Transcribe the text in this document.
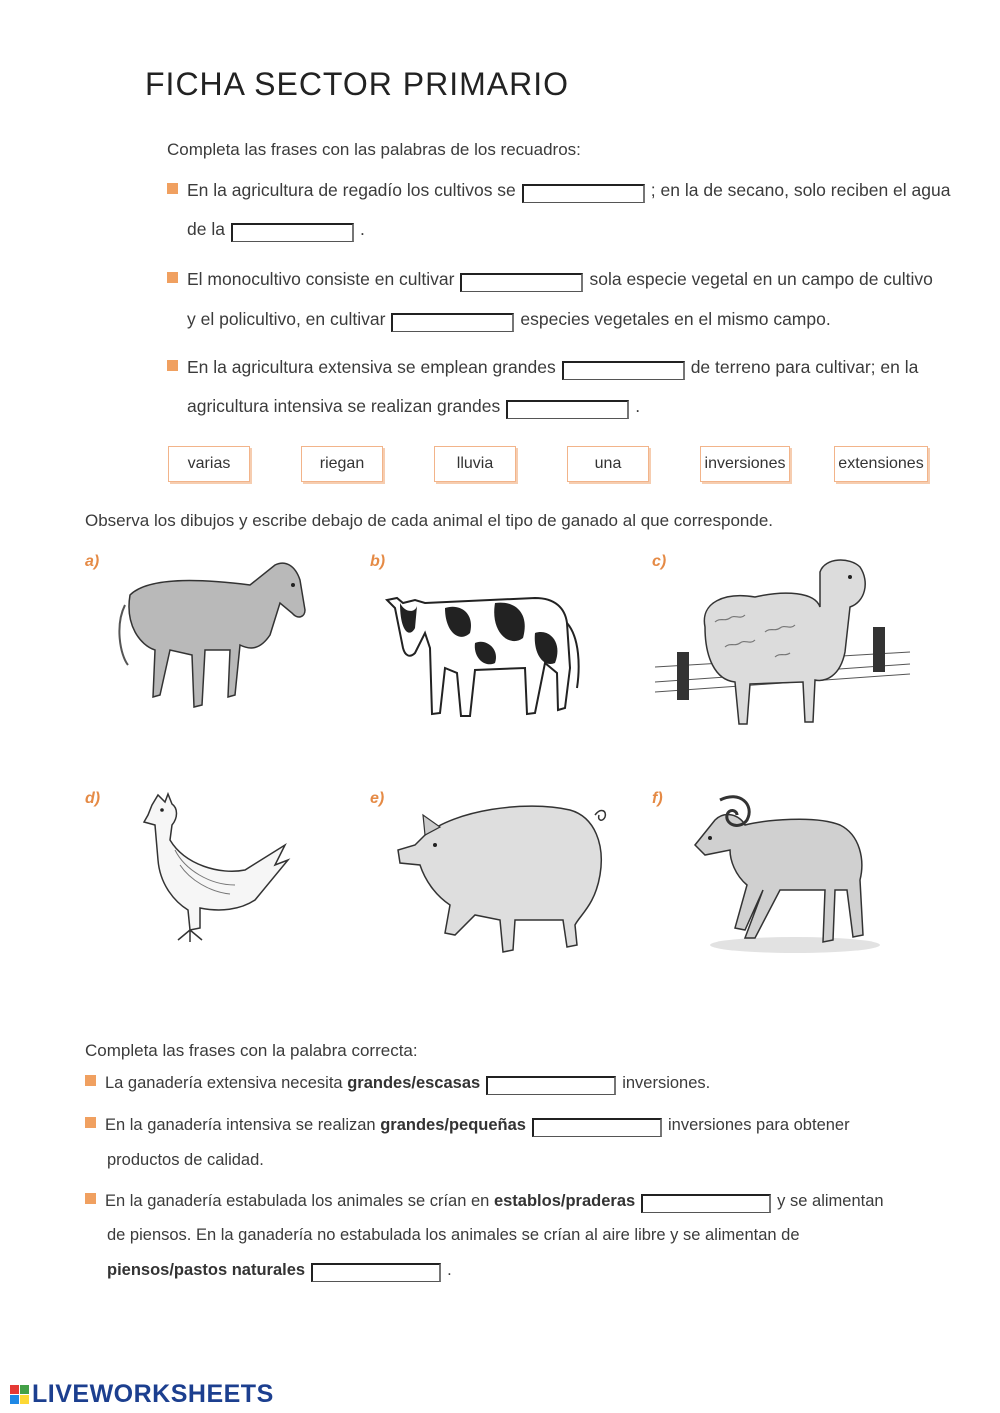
FICHA SECTOR PRIMARIO
Completa las frases con las palabras de los recuadros:
En la agricultura de regadío los cultivos se	; en la de secano, solo reciben el agua
de la	.
El monocultivo consiste en cultivar	sola especie vegetal en un campo de cultivo
y el policultivo, en cultivar	especies vegetales en el mismo campo.
En la agricultura extensiva se emplean grandes	de terreno para cultivar; en la
agricultura intensiva se realizan grandes	.
varias	riegan	lluvia	una	inversiones	extensiones
Observa los dibujos y escribe debajo de cada animal el tipo de ganado al que corresponde.
a)	b)	c)
d)	e)	f)
Completa las frases con la palabra correcta:
La ganadería extensiva necesita grandes/escasas	inversiones.
En la ganadería intensiva se realizan grandes/pequeñas	inversiones para obtener
productos de calidad.
En la ganadería estabulada los animales se crían en establos/praderas	y se alimentan
de piensos. En la ganadería no estabulada los animales se crían al aire libre y se alimentan de
piensos/pastos naturales	.
LIVEWORKSHEETS
